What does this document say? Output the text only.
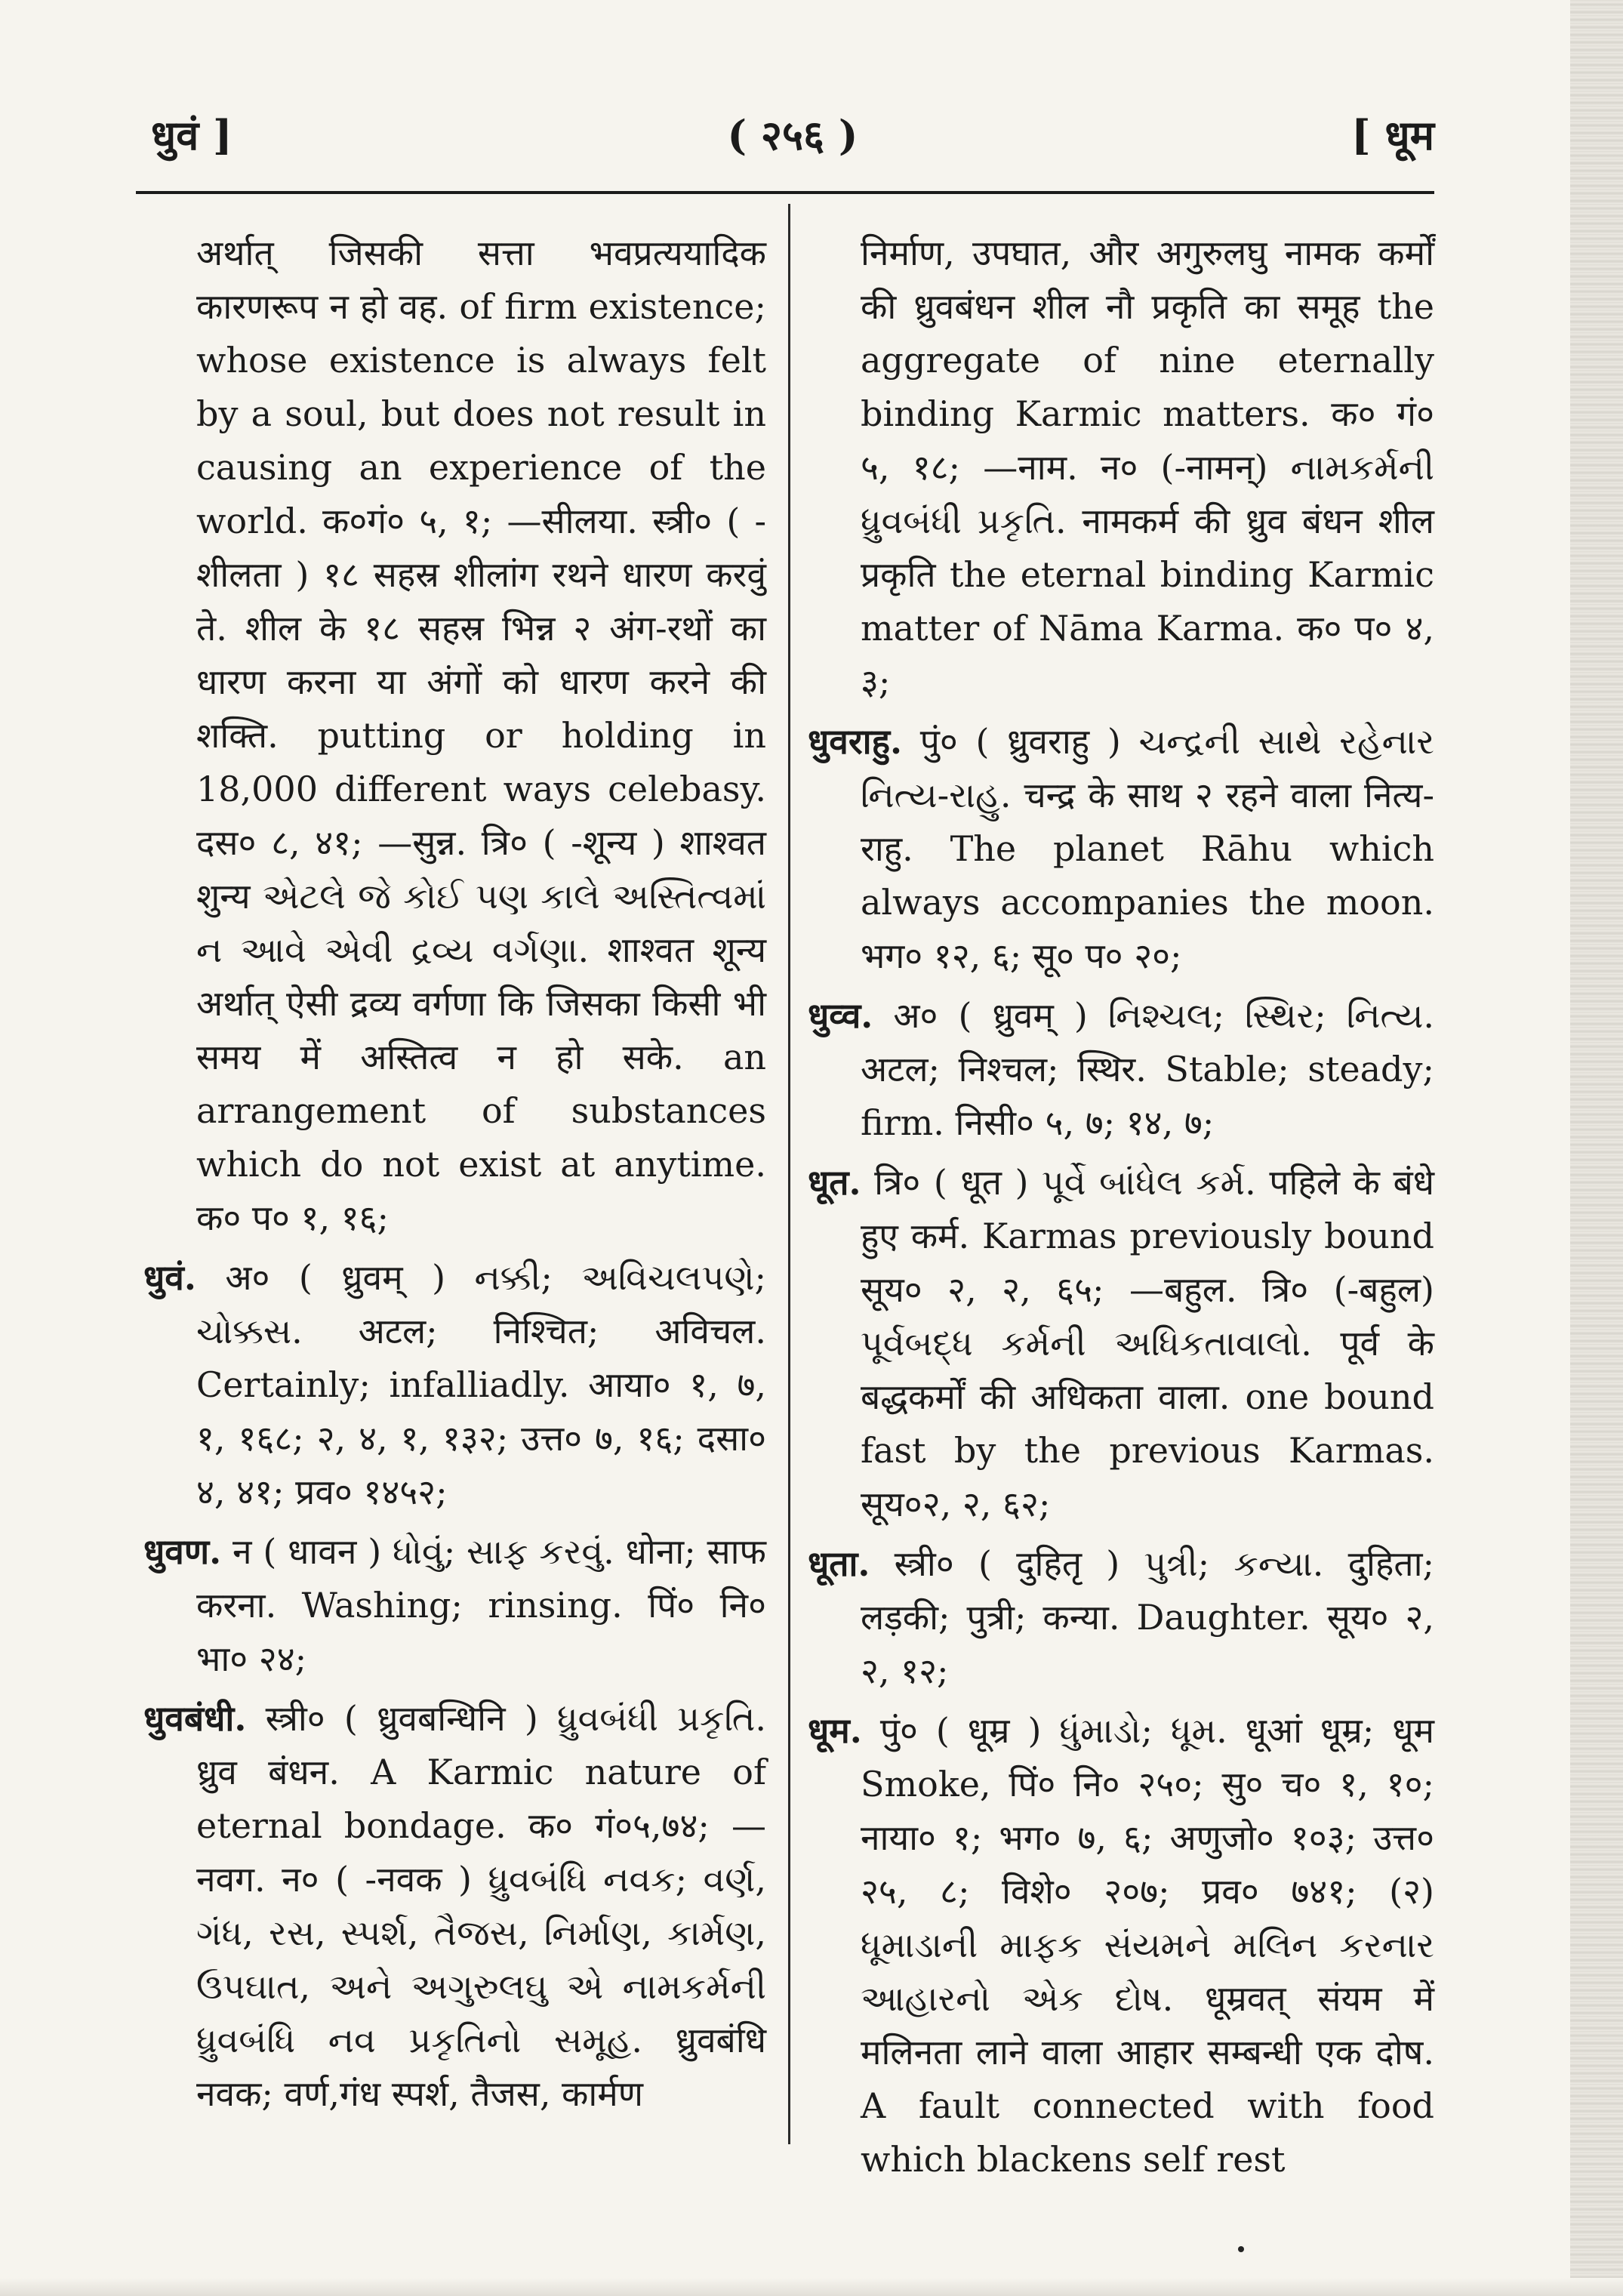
धुवं ]	( २५६ )	[ धूम

अर्थात् जिसकी सत्ता भवप्रत्ययादिक कारणरूप न हो वह. of firm existence; whose existence is always felt by a soul, but does not result in causing an experience of the world. क०गं० ५, १; —सीलया. स्त्री० ( -शीलता ) १८ सहस्र शीलांग रथने धारण करवुं ते. शील के १८ सहस्र भिन्न २ अंग-रथों का धारण करना या अंगों को धारण करने की शक्ति. putting or holding in 18,000 different ways celebasy. दस० ८, ४१; —सुन्न. त्रि० ( -शून्य ) शाश्वत शुन्य એટલે જે કોઈ પણ કાલે અસ્તિત્વમાં ન આવે એવી દ્રવ્ય વર્ગણા. शाश्वत शून्य अर्थात् ऐसी द्रव्य वर्गणा कि जिसका किसी भी समय में अस्तित्व न हो सके. an arrangement of substances which do not exist at anytime. क० प० १, १६;

धुवं. अ० ( ध्रुवम् ) નક્કી; અવિચલપણે; ચોક્કસ. अटल; निश्चित; अविचल. Certainly; infalliadly. आया० १, ७, १, १६८; २, ४, १, १३२; उत्त० ७, १६; दसा० ४, ४१; प्रव० १४५२;

धुवण. न ( धावन ) ધોવું; સાફ કરવું. धोना; साफ करना. Washing; rinsing. पिं० नि० भा० २४;

धुवबंधी. स्त्री० ( ध्रुवबन्धिनि ) ધ્રુવબંધી પ્રકૃતિ. ध्रुव बंधन. A Karmic nature of eternal bondage. क० गं०५,७४; —नवग. न० ( -नवक ) ધ્રુવબંધિ નવક; વર્ણ, ગંધ, રસ, સ્પર્શ, તૈજસ, નિર્માણ, કાર્મણ, ઉપઘાત, અને અગુરુલઘુ એ નામકર્મની ધ્રુવબંધિ નવ પ્રકૃતિનો સમૂહ. ध्रुवबंधि नवक; वर्ण,गंध स्पर्श, तैजस, कार्मण

निर्माण, उपघात, और अगुरुलघु नामक कर्मों की ध्रुवबंधन शील नौ प्रकृति का समूह the aggregate of nine eternally binding Karmic matters. क० गं० ५, १८; —नाम. न० (-नामन्) નામકર્મની ધ્રુવબંધી પ્રકૃતિ. नामकर्म की ध्रुव बंधन शील प्रकृति the eternal binding Karmic matter of Nāma Karma. क० प० ४, ३;

धुवराहु. पुं० ( ध्रुवराहु ) ચન્દ્રની સાથે રહેનાર નિત્ય-રાહુ. चन्द्र के साथ २ रहने वाला नित्य-राहु. The planet Rāhu which always accompanies the moon. भग० १२, ६; सू० प० २०;

धुव्व. अ० ( ध्रुवम् ) નિશ્ચલ; સ્થિર; નિત્ય. अटल; निश्चल; स्थिर. Stable; steady; firm. निसी० ५, ७; १४, ७;

धूत. त्रि० ( धूत ) પૂર્વે બાંધેલ કર્મ. पहिले के बंधे हुए कर्म. Karmas previously bound सूय० २, २, ६५; —बहुल. त्रि० (-बहुल) પૂર્વબદ્ધ કર્મની અધિકતાવાલો. पूर्व के बद्धकर्मों की अधिकता वाला. one bound fast by the previous Karmas. सूय०२, २, ६२;

धूता. स्त्री० ( दुहितृ ) પુત્રી; કન્યા. दुहिता; लड़की; पुत्री; कन्या. Daughter. सूय० २, २, १२;

धूम. पुं० ( धूम्र ) ધુંમાડો; ધૂમ. धूआं धूम्र; धूम Smoke, पिं० नि० २५०; सु० च० १, १०; नाया० १; भग० ७, ६; अणुजो० १०३; उत्त० २५, ८; विशे० २०७; प्रव० ७४१; (२) ધૂમાડાની માફક સંયમને મલિન કરનાર આહારનો એક દોષ. धूम्रवत् संयम में मलिनता लाने वाला आहार सम्बन्धी एक दोष. A fault connected with food which blackens self rest
